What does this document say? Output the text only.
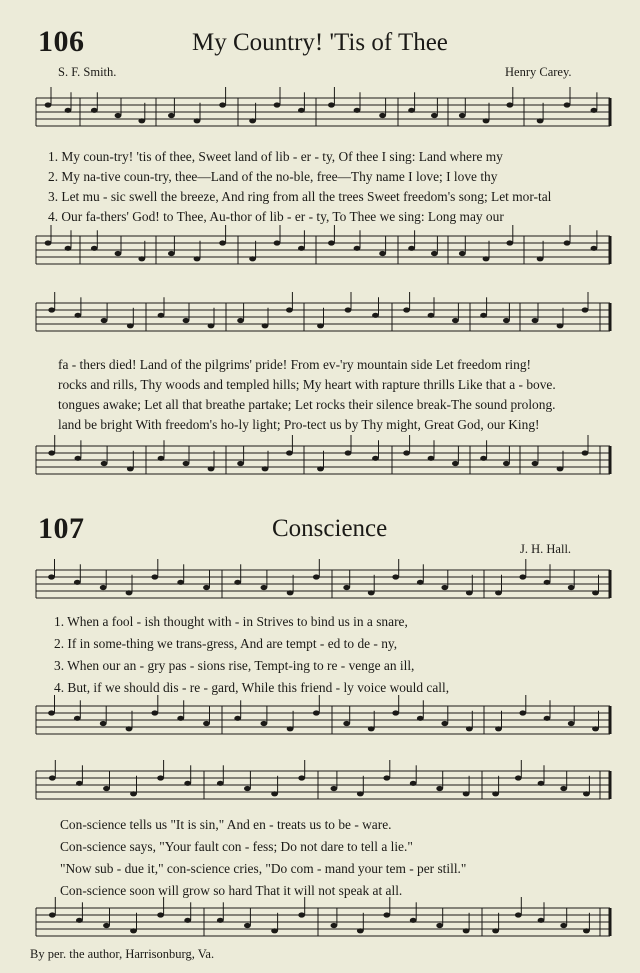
106	My Country! 'Tis of Thee
S. F. Smith.	Henry Carey.
1. My coun-try! 'tis of thee, Sweet land of lib - er - ty, Of thee I sing: Land where my
2. My na-tive coun-try, thee—Land of the no-ble, free—Thy name I love; I love thy
3. Let mu - sic swell the breeze, And ring from all the trees Sweet freedom's song; Let mor-tal
4. Our fa-thers' God! to Thee, Au-thor of lib - er - ty, To Thee we sing: Long may our
fa - thers died! Land of the pilgrims' pride! From ev-'ry mountain side Let freedom ring!
rocks and rills, Thy woods and templed hills; My heart with rapture thrills Like that a - bove.
tongues awake; Let all that breathe partake; Let rocks their silence break-The sound prolong.
land be bright With freedom's ho-ly light; Pro-tect us by Thy might, Great God, our King!
107	Conscience
J. H. Hall.
1. When a fool - ish thought with - in Strives to bind us in a snare,
2. If in some-thing we trans-gress, And are tempt - ed to de - ny,
3. When our an - gry pas - sions rise, Tempt-ing to re - venge an ill,
4. But, if we should dis - re - gard, While this friend - ly voice would call,
Con-science tells us "It is sin," And en - treats us to be - ware.
Con-science says, "Your fault con - fess; Do not dare to tell a lie."
"Now sub - due it," con-science cries, "Do com - mand your tem - per still."
Con-science soon will grow so hard That it will not speak at all.
By per. the author, Harrisonburg, Va.
